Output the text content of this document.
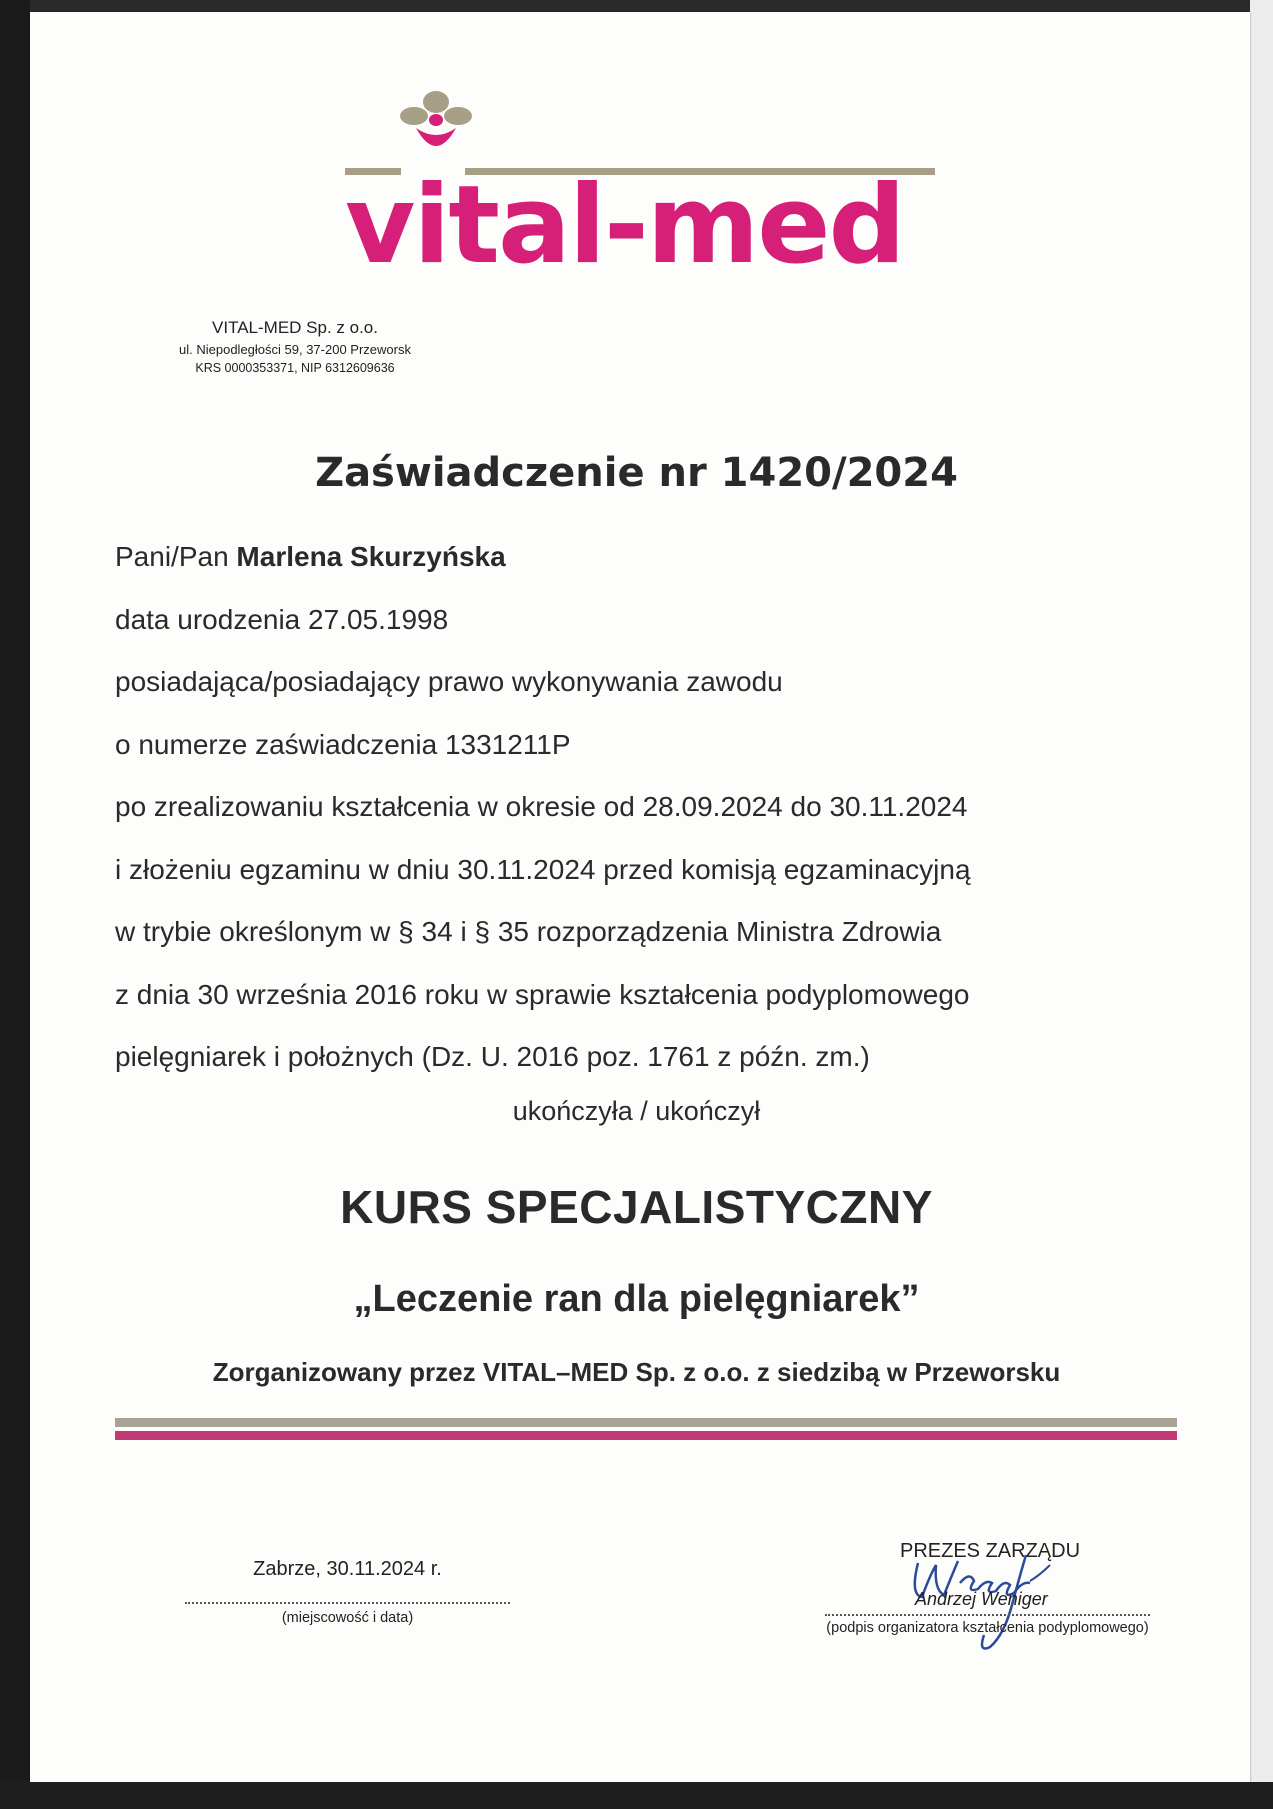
vital-med
VITAL-MED Sp. z o.o.
ul. Niepodległości 59, 37-200 Przeworsk
KRS 0000353371, NIP 6312609636
Zaświadczenie nr 1420/2024
Pani/Pan Marlena Skurzyńska
data urodzenia 27.05.1998
posiadająca/posiadający prawo wykonywania zawodu
o numerze zaświadczenia 1331211P
po zrealizowaniu kształcenia w okresie od 28.09.2024 do 30.11.2024
i złożeniu egzaminu w dniu 30.11.2024 przed komisją egzaminacyjną
w trybie określonym w § 34 i § 35 rozporządzenia Ministra Zdrowia
z dnia 30 września 2016 roku w sprawie kształcenia podyplomowego
pielęgniarek i położnych (Dz. U. 2016 poz. 1761 z późn. zm.)
ukończyła / ukończył
KURS SPECJALISTYCZNY
„Leczenie ran dla pielęgniarek”
Zorganizowany przez VITAL–MED Sp. z o.o. z siedzibą w Przeworsku
Zabrze, 30.11.2024 r.
(miejscowość i data)
PREZES ZARZĄDU
Andrzej Weniger
(podpis organizatora kształcenia podyplomowego)
